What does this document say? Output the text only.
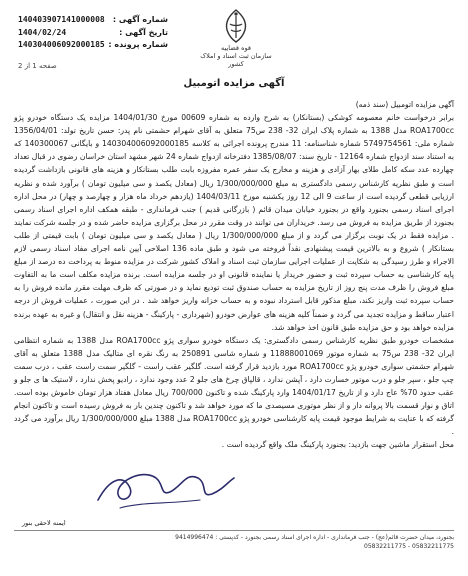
140403907141000008 شماره آگهی :
1404/02/24	تاریخ آگهی :
140304006092000185 شماره پرونده :	قوه قضاییه
سازمان ثبت اسناد و املاک کشور
صفحه 1 از 2
آگهی مزایده اتومبیل

آگهی مزایده اتومبیل (سند ذمه)

برابر درخواست خانم معصومه کوشکی (بستانکار) به شرح وارده به شماره 00609 مورخ 1404/01/30 مزایده یک دستگاه خودرو پژو ROA1700cc مدل 1388 به شماره پلاک ایران 32- 238 س75 متعلق به آقای شهرام حشمتی نام پدر: حسن تاریخ تولد: 1356/04/01 شماره ملی: 5749754561 شماره شناسنامه: 11 مندرج پرونده اجرائی به کلاسه 140304006092000185 و بایگانی 140300067 که به استناد سند ازدواج شماره 12164 - تاریخ سند: 1385/08/07 دفترخانه ازدواج شماره 24 شهر مشهد استان خراسان رضوی در قبال تعداد چهارده عدد سکه کامل طلای بهار آزادی و هزینه و مخارج یک سفر عمره مفروزه بابت طلب بستانکار و هزینه های قانونی بازداشت گردیده است و طبق نظریه کارشناس رسمی دادگستری به مبلغ 1/300/000/000 ریال (معادل یکصد و سی میلیون تومان ) برآورد شده و نظریه ارزیابی قطعی گردیده است از ساعت 9 الی 12 روز یکشنبه مورخ 1404/03/11 (یازدهم خرداد ماه هزار و چهارصد و چهار) در محل اداره اجرای اسناد رسمی بجنورد واقع در بجنورد خیابان میدان قائم ( بازرگانی قدیم ) جنب فرمانداری - طبقه همکف اداره اجرای اسناد رسمی بجنورد از طریق مزایده به فروش می رسد. خریداران می توانند در وقت مقرر در محل برگزاری مزایده حاضر شده و در جلسه شرکت نمایند . مزایده فقط در یک نوبت برگزار می گردد و از مبلغ 1/300/000/000 ریال ( معادل یکصد و سی میلیون تومان ) بابت قیمتی از طلب بستانکار ) شروع و به بالاترین قیمت پیشنهادی نقداً فروخته می شود و طبق ماده 136 اصلاحی آیین نامه اجرای مفاد اسناد رسمی لازم الاجراء و طرز رسیدگی به شکایت از عملیات اجرایی سازمان ثبت اسناد و املاک کشور شرکت در مزایده منوط به پرداخت ده درصد از مبلغ پایه کارشناسی به حساب سپرده ثبت و حضور خریدار یا نماینده قانونی او در جلسه مزایده است. برنده مزایده مکلف است ما به التفاوت مبلغ فروش را ظرف مدت پنج روز از تاریخ مزایده به حساب صندوق ثبت تودیع نماید و در صورتی که ظرف مهلت مقرر مانده فروش را به حساب سپرده ثبت واریز نکند، مبلغ مذکور قابل استرداد نبوده و به حساب خزانه واریز خواهد شد . در این صورت ، عملیات فروش از درجه اعتبار ساقط و مزایده تجدید می گردد و ضمناً کلیه هزینه های عوارض خودرو (شهرداری - پارکینگ - هزینه نقل و انتقال) و غیره به عهده برنده مزایده خواهد بود و حق مزایده طبق قانون اخذ خواهد شد.

مشخصات خودرو طبق نظریه کارشناس رسمی دادگستری: یک دستگاه خودرو سواری پژو ROA1700cc مدل 1388 به شماره انتظامی ایران 32- 238 س75 به شماره موتور 11888001069 و شماره شاسی 250891 به رنگ نقره ای متالیک مدل 1388 متعلق به آقای شهرام حشمتی سواری خودرو پژو ROA1700cc مورد بازدید قرار گرفته است. گلگیر عقب راست - گلگیر سمت راست عقب ، درب سمت چپ جلو ، سپر جلو و درب موتور خسارت دارد ، آپشن ندارد ، قالپاق چرخ های جلو 2 عدد وجود ندارد ، رادیو پخش ندارد ، لاستیک ها ی جلو و عقب حدود 70% عاج دارد و از تاریخ 1404/01/17 وارد پارکینگ شده و تاکنون 700/000 ریال معادل هفتاد هزار تومان خاموش بوده است. اتاق و نوار قسمت بالا پروانه دار و از نظر موتوری مسیصدی ما که مورد خواهد شد و تاکنون چندین بار به فروش رسیده است و تاکنون انجام گرفته که با عنایت به شرایط موجود قیمت پایه کارشناسی خودرو پژو ROA1700cc مدل 1388 مبلغ 1/300/000/000 ریال برآورد می گردد .

محل استقرار ماشین جهت بازدید: بجنورد پارکینگ ملک واقع گردیده است .

ایمنه لاحقی بنور
بجنورد، میدان حضرت قائم(عج) - جنب فرمانداری - اداره اجرای اسناد رسمی بجنورد - کدپستی : 9414996474
05832211775 - 05832211775
